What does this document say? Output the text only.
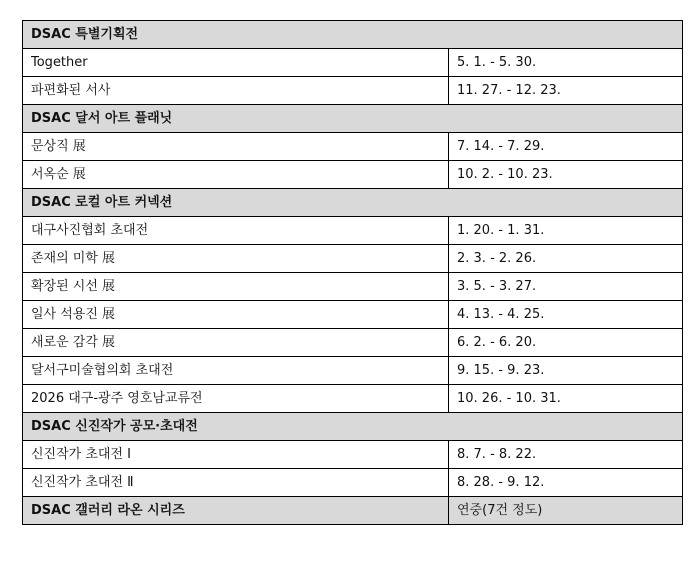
DSAC 특별기획전	
Together	5. 1. - 5. 30.
파편화된 서사	11. 27. - 12. 23.
DSAC 달서 아트 플래닛	
문상직 展	7. 14. - 7. 29.
서옥순 展	10. 2. - 10. 23.
DSAC 로컬 아트 커넥션	
대구사진협회 초대전	1. 20. - 1. 31.
존재의 미학 展	2. 3. - 2. 26.
확장된 시선 展	3. 5. - 3. 27.
일사 석용진 展	4. 13. - 4. 25.
새로운 감각 展	6. 2. - 6. 20.
달서구미술협의회 초대전	9. 15. - 9. 23.
2026 대구-광주 영호남교류전	10. 26. - 10. 31.
DSAC 신진작가 공모·초대전	
신진작가 초대전 Ⅰ	8. 7. - 8. 22.
신진작가 초대전 Ⅱ	8. 28. - 9. 12.
DSAC 갤러리 라온 시리즈	연중(7건 정도)
